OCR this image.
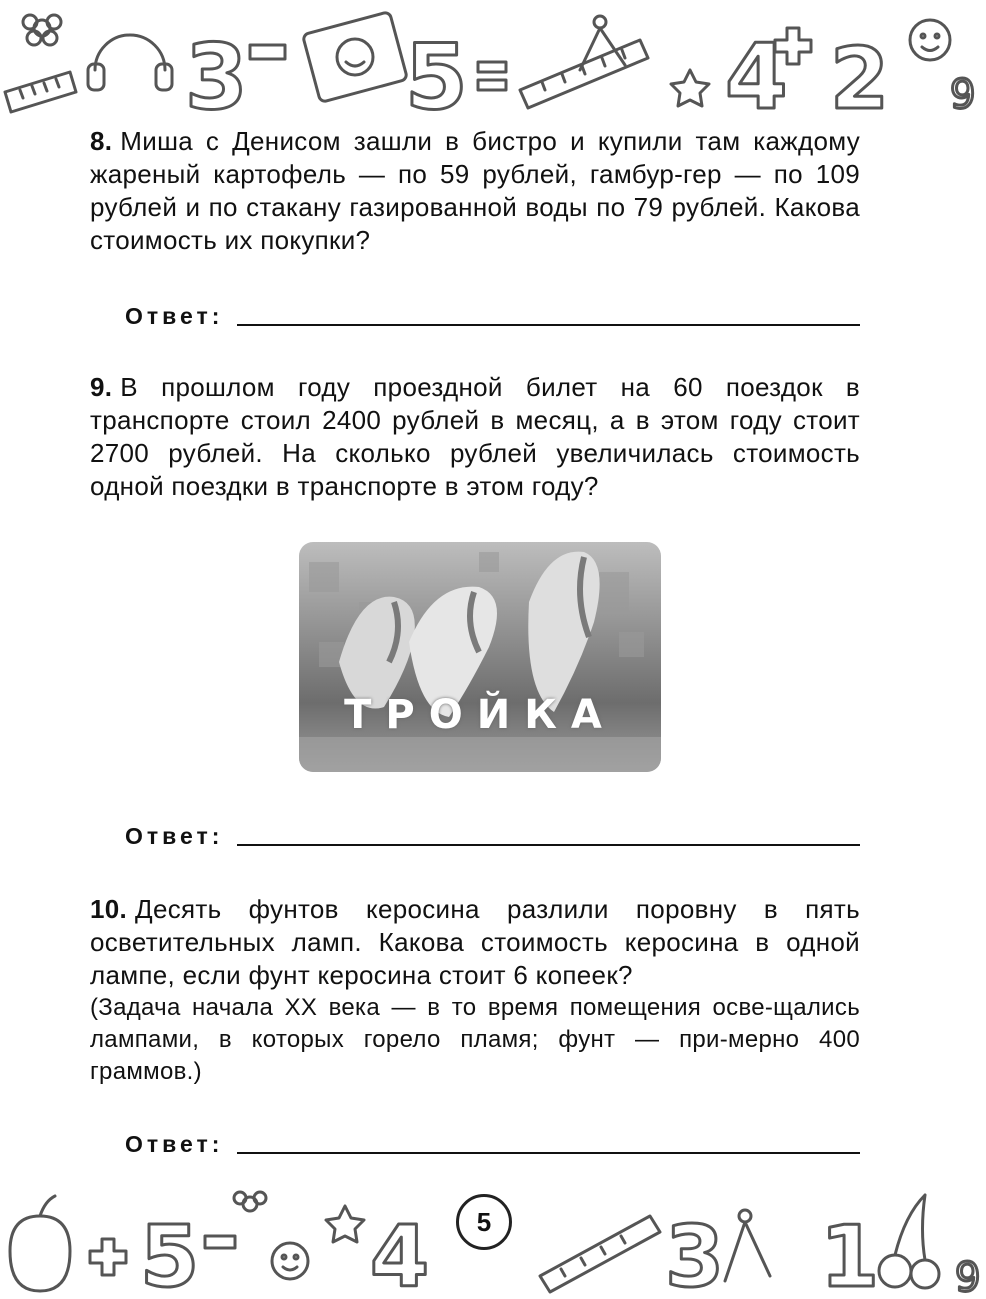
3 5	4 2 9

8. Миша с Денисом зашли в бистро и купили там каждому жареный картофель — по 59 рублей, гамбур-гер — по 109 рублей и по стакану газированной воды по 79 рублей. Какова стоимость их покупки?

Ответ:

9. В прошлом году проездной билет на 60 поездок в транспорте стоил 2400 рублей в месяц, а в этом году стоит 2700 рублей. На сколько рублей увеличилась стоимость одной поездки в транспорте в этом году?

ТРОЙКА
Ответ:

10. Десять фунтов керосина разлили поровну в пять осветительных ламп. Какова стоимость керосина в одной лампе, если фунт керосина стоит 6 копеек?

(Задача начала XX века — в то время помещения осве-щались лампами, в которых горело пламя; фунт — при-мерно 400 граммов.)

Ответ:
5 4	3 1 9
5
